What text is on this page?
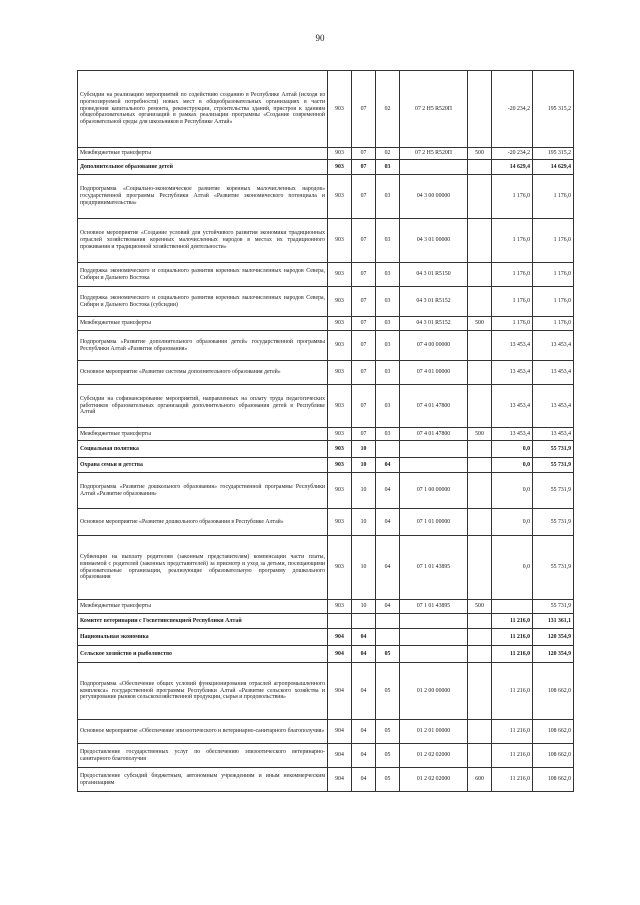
90
Субсидии на реализацию мероприятий по содействию созданию в Республике Алтай (исходя из прогнозируемой потребности) новых мест в общеобразовательных организациях в части проведения капитального ремонта, реконструкции, строительства зданий, пристроя к зданиям общеобразовательных организаций в рамках реализации программы «Создание современной образовательной среды для школьников в Республике Алтай»	903	07	02	07 2 Н5 R520П		-20 234,2	195 315,2
Межбюджетные трансферты	903	07	02	07 2 Н5 R520П	500	-20 234,2	195 315,2
Дополнительное образование детей	903	07	03			14 629,4	14 629,4
Подпрограмма «Социально-экономическое развитие коренных малочисленных народов» государственной программы Республики Алтай «Развитие экономического потенциала и предпринимательства»	903	07	03	04 3 00 00000		1 176,0	1 176,0
Основное мероприятие «Создание условий для устойчивого развития экономики традиционных отраслей хозяйствования коренных малочисленных народов в местах их традиционного проживания и традиционной хозяйственной деятельности»	903	07	03	04 3 01 00000		1 176,0	1 176,0
Поддержка экономического и социального развития коренных малочисленных народов Севера, Сибири и Дальнего Востока	903	07	03	04 3 01 R5150		1 176,0	1 176,0
Поддержка экономического и социального развития коренных малочисленных народов Севера, Сибири и Дальнего Востока (субсидии)	903	07	03	04 3 01 R5152		1 176,0	1 176,0
Межбюджетные трансферты	903	07	03	04 3 01 R5152	500	1 176,0	1 176,0
Подпрограмма «Развитие дополнительного образования детей» государственной программы Республики Алтай «Развитие образования»	903	07	03	07 4 00 00000		13 453,4	13 453,4
Основное мероприятие «Развитие системы дополнительного образования детей»	903	07	03	07 4 01 00000		13 453,4	13 453,4
Субсидии на софинансирование мероприятий, направленных на оплату труда педагогических работников образовательных организаций дополнительного образования детей в Республике Алтай	903	07	03	07 4 01 47800		13 453,4	13 453,4
Межбюджетные трансферты	903	07	03	07 4 01 47800	500	13 453,4	13 453,4
Социальная политика	903	10				0,0	55 731,9
Охрана семьи и детства	903	10	04			0,0	55 731,9
Подпрограмма «Развитие дошкольного образования» государственной программы Республики Алтай «Развитие образования»	903	10	04	07 1 00 00000		0,0	55 731,9
Основное мероприятие «Развитие дошкольного образования в Республике Алтай»	903	10	04	07 1 01 00000		0,0	55 731,9
Субвенции на выплату родителям (законным представителям) компенсации части платы, взимаемой с родителей (законных представителей) за присмотр и уход за детьми, посещающими образовательные организации, реализующие образовательную программу дошкольного образования	903	10	04	07 1 01 43895		0,0	55 731,9
Межбюджетные трансферты	903	10	04	07 1 01 43895	500		55 731,9
Комитет ветеринарии с Госветинспекцией Республики Алтай						11 216,0	131 361,1
Национальная экономика	904	04				11 216,0	120 354,9
Сельское хозяйство и рыболовство	904	04	05			11 216,0	120 354,9
Подпрограмма «Обеспечение общих условий функционирования отраслей агропромышленного комплекса» государственной программы Республики Алтай «Развитие сельского хозяйства и регулирование рынков сельскохозяйственной продукции, сырья и продовольствия»	904	04	05	01 2 00 00000		11 216,0	108 662,0
Основное мероприятие «Обеспечение эпизоотического и ветеринарно-санитарного благополучия»	904	04	05	01 2 01 00000		11 216,0	108 662,0
Предоставление государственных услуг по обеспечению эпизоотического ветеринарно-санитарного благополучия	904	04	05	01 2 02 02000		11 216,0	108 662,0
Предоставление субсидий бюджетным, автономным учреждениям и иным некоммерческим организациям	904	04	05	01 2 02 02000	600	11 216,0	108 662,0
